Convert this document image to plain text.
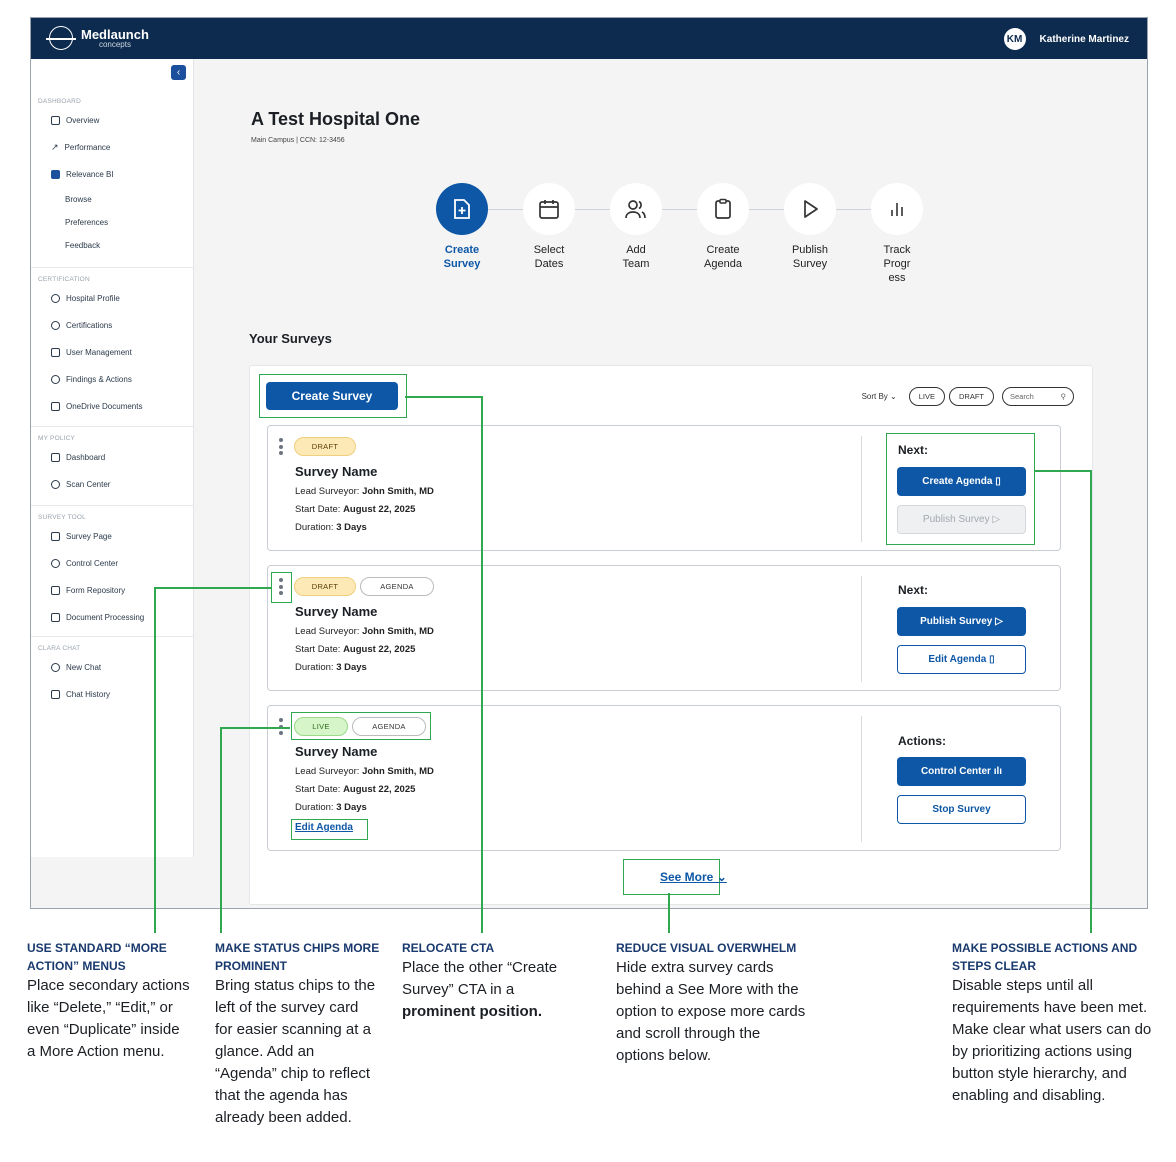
Medlaunch
concepts	KM	Katherine Martinez
‹
DASHBOARD
Overview
↗ Performance
Relevance BI
Browse
Preferences
Feedback
CERTIFICATION
Hospital Profile
Certifications
User Management
Findings & Actions
OneDrive Documents
MY POLICY
Dashboard
Scan Center
SURVEY TOOL
Survey Page
Control Center
Form Repository
Document Processing
CLARA CHAT
New Chat
Chat History
A Test Hospital One
Main Campus | CCN: 12-3456
Create
Survey
Select
Dates
Add
Team
Create
Agenda
Publish
Survey
Track
Progr
ess
Your Surveys
Create Survey	Sort By ⌄	LIVE	DRAFT	Search	⚲
DRAFT
Survey Name
Lead Surveyor: John Smith, MD
Start Date: August 22, 2025
Duration: 3 Days
Next:
Create Agenda
▯
Publish Survey
▷
DRAFT	AGENDA
Survey Name
Lead Surveyor: John Smith, MD
Start Date: August 22, 2025
Duration: 3 Days
Next:
Publish Survey
▷
Edit Agenda
▯
LIVE	AGENDA
Survey Name
Lead Surveyor: John Smith, MD
Start Date: August 22, 2025
Duration: 3 Days
Edit Agenda
Actions:
Control Center
ılı
Stop Survey
See More ⌄
USE STANDARD “MORE ACTION” MENUS
Place secondary actions like “Delete,” “Edit,” or even “Duplicate” inside a More Action menu.
MAKE STATUS CHIPS MORE PROMINENT
Bring status chips to the left of the survey card for easier scanning at a glance. Add an “Agenda” chip to reflect that the agenda has already been added.
RELOCATE CTA
Place the other “Create Survey” CTA in a prominent position.
REDUCE VISUAL OVERWHELM
Hide extra survey cards behind a See More with the option to expose more cards and scroll through the options below.
MAKE POSSIBLE ACTIONS AND STEPS CLEAR
Disable steps until all requirements have been met. Make clear what users can do by prioritizing actions using button style hierarchy, and enabling and disabling.
